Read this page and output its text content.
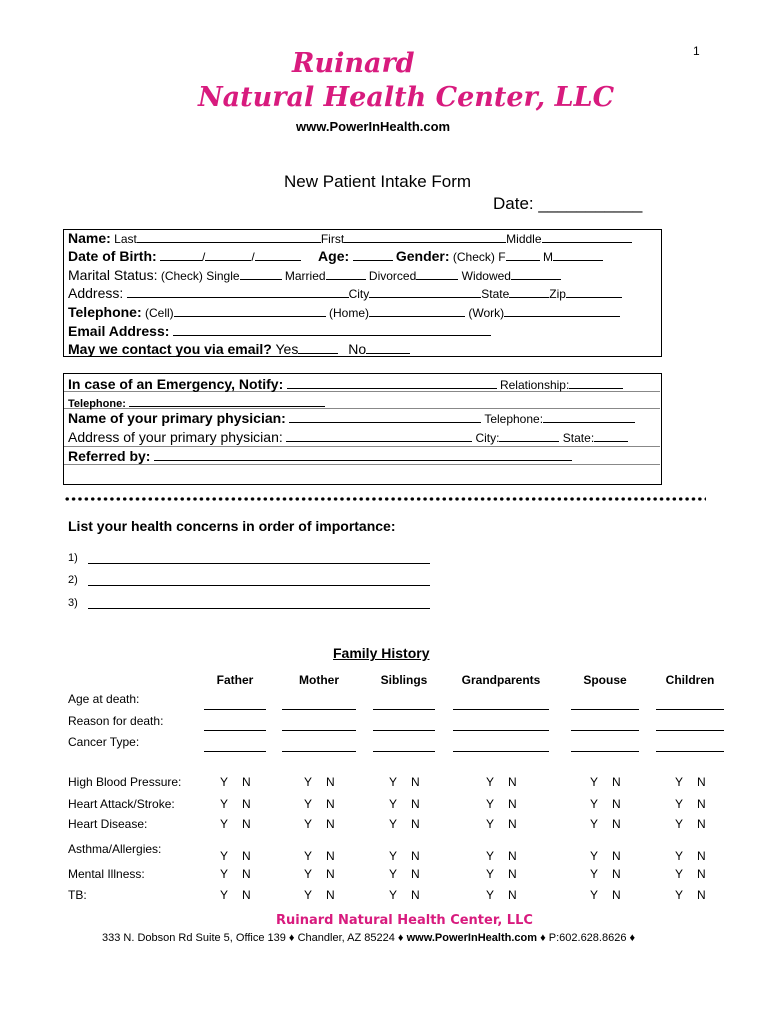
1
Ruinard
Natural Health Center, LLC
www.PowerInHealth.com
New Patient Intake Form
Date: ___________
Name: Last	First	Middle
Date of Birth:	/	/	Age:	Gender: (Check) F	M
Marital Status: (Check) Single	Married	Divorced	Widowed
Address:	City	State	Zip
Telephone: (Cell)	(Home)	(Work)
Email Address:
May we contact you via email? Yes	No
In case of an Emergency, Notify:	Relationship:
Telephone:
Name of your primary physician:	Telephone:
Address of your primary physician:	City:	State:
Referred by:
List your health concerns in order of importance:
1)
2)
3)
Family History
Father	Mother	Siblings	Grandparents	Spouse	Children
Age at death:
Reason for death:
Cancer Type:
High Blood Pressure:	Y N	Y N	Y N	Y N	Y N	Y N
Heart Attack/Stroke:	Y N	Y N	Y N	Y N	Y N	Y N
Heart Disease:	Y N	Y N	Y N	Y N	Y N	Y N
Asthma/Allergies:	Y N	Y N	Y N	Y N	Y N	Y N
Mental Illness:	Y N	Y N	Y N	Y N	Y N	Y N
TB:	Y N	Y N	Y N	Y N	Y N	Y N
Ruinard Natural Health Center, LLC
333 N. Dobson Rd Suite 5, Office 139 ♦ Chandler, AZ 85224 ♦ www.PowerInHealth.com ♦ P:602.628.8626 ♦
